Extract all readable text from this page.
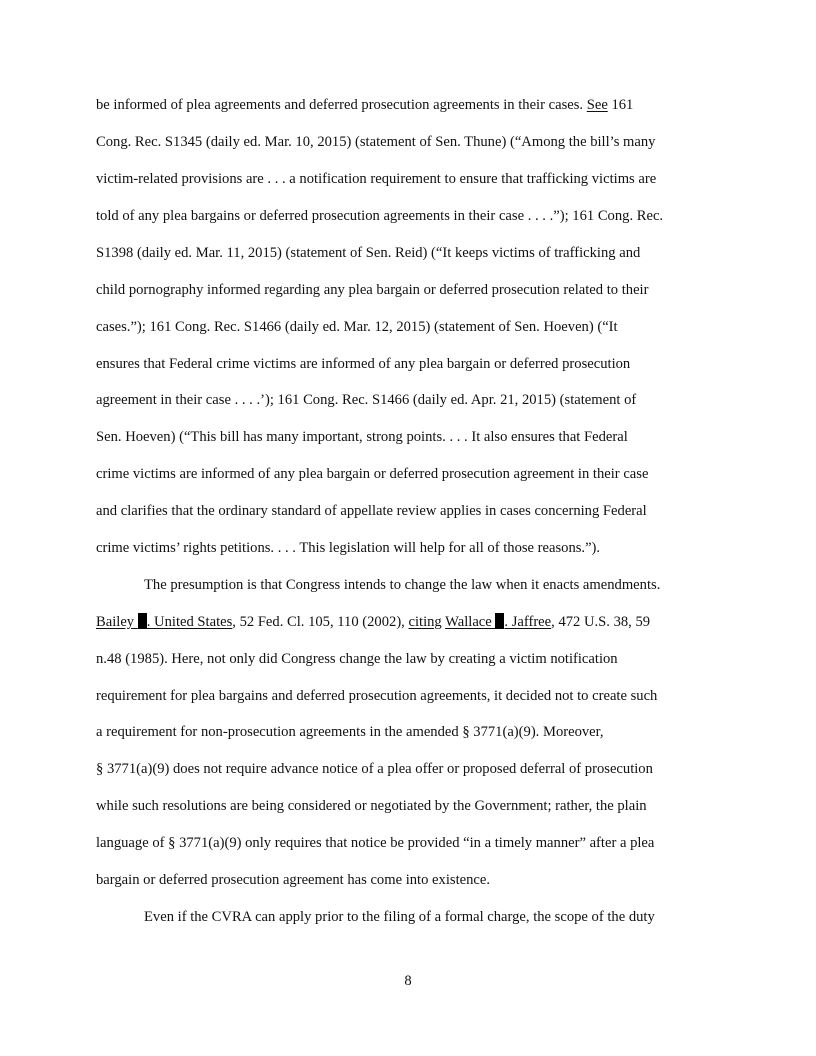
be informed of plea agreements and deferred prosecution agreements in their cases. See 161

Cong. Rec. S1345 (daily ed. Mar. 10, 2015) (statement of Sen. Thune) (“Among the bill’s many

victim-related provisions are . . . a notification requirement to ensure that trafficking victims are

told of any plea bargains or deferred prosecution agreements in their case . . . .”); 161 Cong. Rec.

S1398 (daily ed. Mar. 11, 2015) (statement of Sen. Reid) (“It keeps victims of trafficking and

child pornography informed regarding any plea bargain or deferred prosecution related to their

cases.”); 161 Cong. Rec. S1466 (daily ed. Mar. 12, 2015) (statement of Sen. Hoeven) (“It

ensures that Federal crime victims are informed of any plea bargain or deferred prosecution

agreement in their case . . . .’); 161 Cong. Rec. S1466 (daily ed. Apr. 21, 2015) (statement of

Sen. Hoeven) (“This bill has many important, strong points. . . . It also ensures that Federal

crime victims are informed of any plea bargain or deferred prosecution agreement in their case

and clarifies that the ordinary standard of appellate review applies in cases concerning Federal

crime victims’ rights petitions. . . . This legislation will help for all of those reasons.”).

The presumption is that Congress intends to change the law when it enacts amendments.

Bailey . United States, 52 Fed. Cl. 105, 110 (2002), citing Wallace . Jaffree, 472 U.S. 38, 59

n.48 (1985). Here, not only did Congress change the law by creating a victim notification

requirement for plea bargains and deferred prosecution agreements, it decided not to create such

a requirement for non-prosecution agreements in the amended § 3771(a)(9). Moreover,

§ 3771(a)(9) does not require advance notice of a plea offer or proposed deferral of prosecution

while such resolutions are being considered or negotiated by the Government; rather, the plain

language of § 3771(a)(9) only requires that notice be provided “in a timely manner” after a plea

bargain or deferred prosecution agreement has come into existence.

Even if the CVRA can apply prior to the filing of a formal charge, the scope of the duty

8
